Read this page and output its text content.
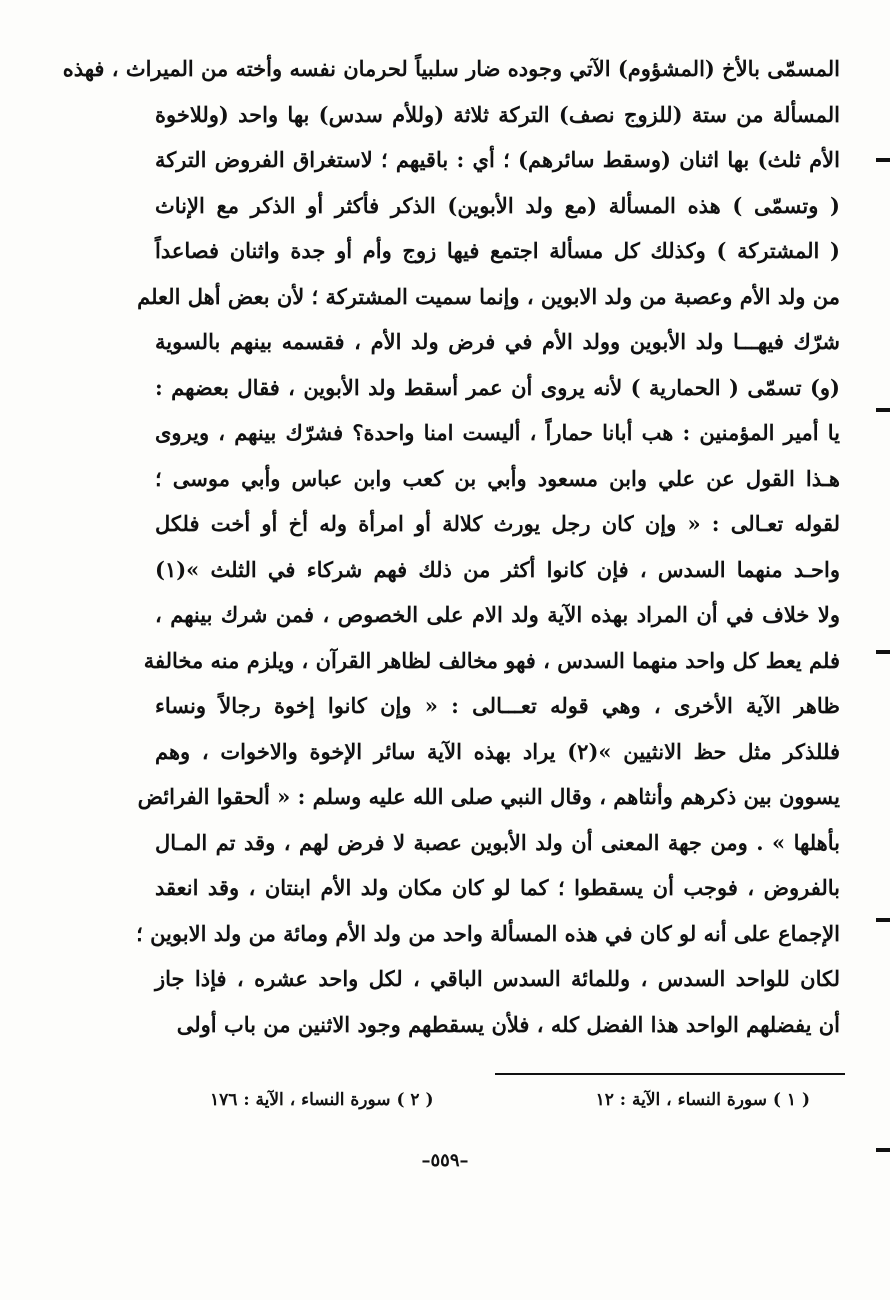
المسمّى بالأخ (المشؤوم) الآتي وجوده ضار سلبياً لحرمان نفسه وأخته من الميراث ، فهذه
المسألة من ستة (للزوج نصف) التركة ثلاثة (وللأم سدس) بها واحد (وللاخوة
الأم ثلث) بها اثنان (وسقط سائرهم) ؛ أي : باقيهم ؛ لاستغراق الفروض التركة
( وتسمّى ) هذه المسألة (مع ولد الأبوين) الذكر فأكثر أو الذكر مع الإناث
( المشتركة ) وكذلك كل مسألة اجتمع فيها زوج وأم أو جدة واثنان فصاعداً
من ولد الأم وعصبة من ولد الابوين ، وإنما سميت المشتركة ؛ لأن بعض أهل العلم
شرّك فيهـــا ولد الأبوين وولد الأم في فرض ولد الأم ، فقسمه بينهم بالسوية
(و) تسمّى ( الحمارية ) لأنه يروى أن عمر أسقط ولد الأبوين ، فقال بعضهم :
يا أمير المؤمنين : هب أبانا حماراً ، أليست امنا واحدة؟ فشرّك بينهم ، ويروى
هـذا القول عن علي وابن مسعود وأبي بن كعب وابن عباس وأبي موسى ؛
لقوله تعـالى : « وإن كان رجل يورث كلالة أو امرأة وله أخ أو أخت فلكل
واحـد منهما السدس ، فإن كانوا أكثر من ذلك فهم شركاء في الثلث »(١)
ولا خلاف في أن المراد بهذه الآية ولد الام على الخصوص ، فمن شرك بينهم ،
فلم يعط كل واحد منهما السدس ، فهو مخالف لظاهر القرآن ، ويلزم منه مخالفة
ظاهر الآية الأخرى ، وهي قوله تعـــالى : « وإن كانوا إخوة رجالاً ونساء
فللذكر مثل حظ الانثيين »(٢) يراد بهذه الآية سائر الإخوة والاخوات ، وهم
يسوون بين ذكرهم وأنثاهم ، وقال النبي صلى الله عليه وسلم : « ألحقوا الفرائض
بأهلها » . ومن جهة المعنى أن ولد الأبوين عصبة لا فرض لهم ، وقد تم المـال
بالفروض ، فوجب أن يسقطوا ؛ كما لو كان مكان ولد الأم ابنتان ، وقد انعقد
الإجماع على أنه لو كان في هذه المسألة واحد من ولد الأم ومائة من ولد الابوين ؛
لكان للواحد السدس ، وللمائة السدس الباقي ، لكل واحد عشره ، فإذا جاز
أن يفضلهم الواحد هذا الفضل كله ، فلأن يسقطهم وجود الاثنين من باب أولى
( ١ ) سورة النساء ، الآية : ١٢
( ٢ ) سورة النساء ، الآية : ١٧٦
–٥٥٩–
